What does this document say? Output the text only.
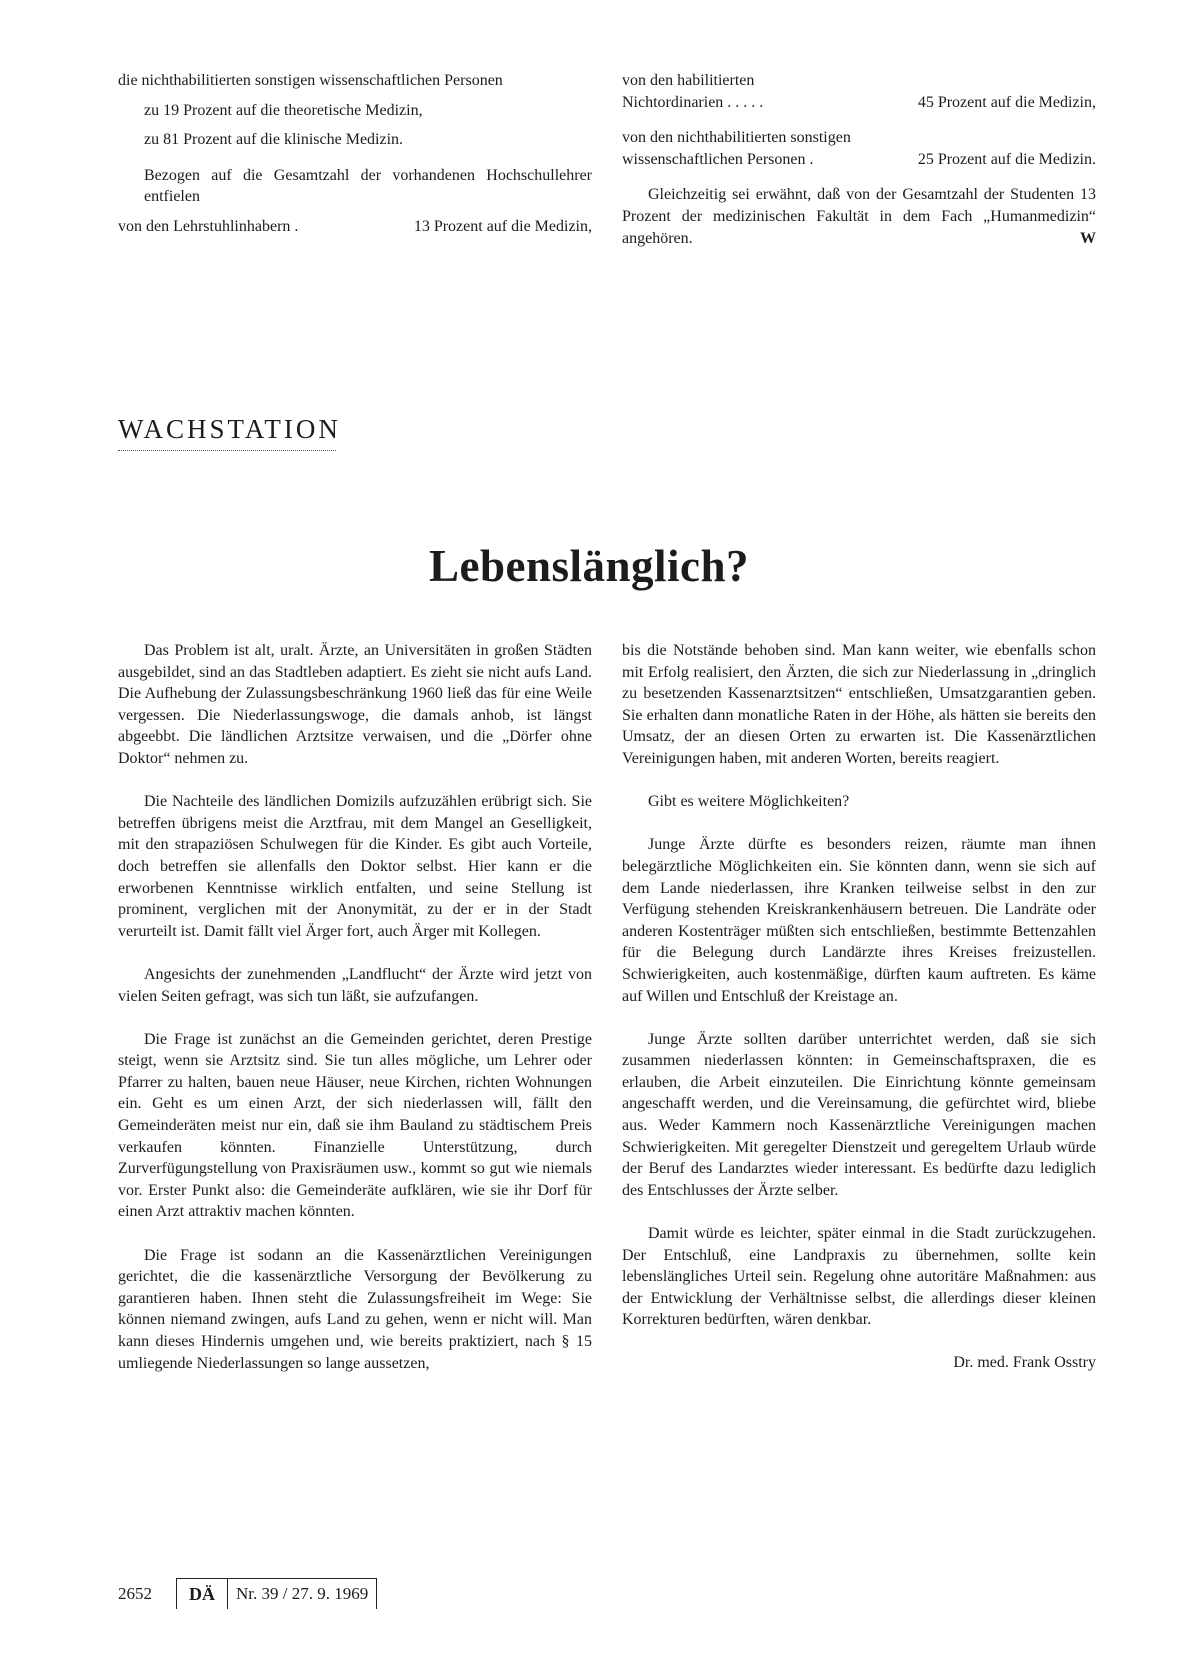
die nichthabilitierten sonstigen wissenschaftlichen Personen

zu 19 Prozent auf die theoretische Medizin,

zu 81 Prozent auf die klinische Medizin.

Bezogen auf die Gesamtzahl der vorhandenen Hochschullehrer entfielen

von den Lehrstuhlinhabern .	13 Prozent auf die Medizin,

von den habilitierten

Nichtordinarien . . . . .	45 Prozent auf die Medizin,

von den nichthabilitierten sonstigen

wissenschaftlichen Personen .	25 Prozent auf die Medizin.

Gleichzeitig sei erwähnt, daß von der Gesamtzahl der Studenten 13 Prozent der medizinischen Fakultät in dem Fach „Humanmedizin“ angehören.	W

WACHSTATION
Lebenslänglich?

Das Problem ist alt, uralt. Ärzte, an Universitäten in großen Städten ausgebildet, sind an das Stadtleben adaptiert. Es zieht sie nicht aufs Land. Die Aufhebung der Zulassungsbeschränkung 1960 ließ das für eine Weile vergessen. Die Niederlassungswoge, die damals anhob, ist längst abgeebbt. Die ländlichen Arztsitze verwaisen, und die „Dörfer ohne Doktor“ nehmen zu.

Die Nachteile des ländlichen Domizils aufzuzählen erübrigt sich. Sie betreffen übrigens meist die Arztfrau, mit dem Mangel an Geselligkeit, mit den strapaziösen Schulwegen für die Kinder. Es gibt auch Vorteile, doch betreffen sie allenfalls den Doktor selbst. Hier kann er die erworbenen Kenntnisse wirklich entfalten, und seine Stellung ist prominent, verglichen mit der Anonymität, zu der er in der Stadt verurteilt ist. Damit fällt viel Ärger fort, auch Ärger mit Kollegen.

Angesichts der zunehmenden „Landflucht“ der Ärzte wird jetzt von vielen Seiten gefragt, was sich tun läßt, sie aufzufangen.

Die Frage ist zunächst an die Gemeinden gerichtet, deren Prestige steigt, wenn sie Arztsitz sind. Sie tun alles mögliche, um Lehrer oder Pfarrer zu halten, bauen neue Häuser, neue Kirchen, richten Wohnungen ein. Geht es um einen Arzt, der sich niederlassen will, fällt den Gemeinderäten meist nur ein, daß sie ihm Bauland zu städtischem Preis verkaufen könnten. Finanzielle Unterstützung, durch Zurverfügungstellung von Praxisräumen usw., kommt so gut wie niemals vor. Erster Punkt also: die Gemeinderäte aufklären, wie sie ihr Dorf für einen Arzt attraktiv machen könnten.

Die Frage ist sodann an die Kassenärztlichen Vereinigungen gerichtet, die die kassenärztliche Versorgung der Bevölkerung zu garantieren haben. Ihnen steht die Zulassungsfreiheit im Wege: Sie können niemand zwingen, aufs Land zu gehen, wenn er nicht will. Man kann dieses Hindernis umgehen und, wie bereits praktiziert, nach § 15 umliegende Niederlassungen so lange aussetzen,

bis die Notstände behoben sind. Man kann weiter, wie ebenfalls schon mit Erfolg realisiert, den Ärzten, die sich zur Niederlassung in „dringlich zu besetzenden Kassenarztsitzen“ entschließen, Umsatzgarantien geben. Sie erhalten dann monatliche Raten in der Höhe, als hätten sie bereits den Umsatz, der an diesen Orten zu erwarten ist. Die Kassenärztlichen Vereinigungen haben, mit anderen Worten, bereits reagiert.

Gibt es weitere Möglichkeiten?

Junge Ärzte dürfte es besonders reizen, räumte man ihnen belegärztliche Möglichkeiten ein. Sie könnten dann, wenn sie sich auf dem Lande niederlassen, ihre Kranken teilweise selbst in den zur Verfügung stehenden Kreiskrankenhäusern betreuen. Die Landräte oder anderen Kostenträger müßten sich entschließen, bestimmte Bettenzahlen für die Belegung durch Landärzte ihres Kreises freizustellen. Schwierigkeiten, auch kostenmäßige, dürften kaum auftreten. Es käme auf Willen und Entschluß der Kreistage an.

Junge Ärzte sollten darüber unterrichtet werden, daß sie sich zusammen niederlassen könnten: in Gemeinschaftspraxen, die es erlauben, die Arbeit einzuteilen. Die Einrichtung könnte gemeinsam angeschafft werden, und die Vereinsamung, die gefürchtet wird, bliebe aus. Weder Kammern noch Kassenärztliche Vereinigungen machen Schwierigkeiten. Mit geregelter Dienstzeit und geregeltem Urlaub würde der Beruf des Landarztes wieder interessant. Es bedürfte dazu lediglich des Entschlusses der Ärzte selber.

Damit würde es leichter, später einmal in die Stadt zurückzugehen. Der Entschluß, eine Landpraxis zu übernehmen, sollte kein lebenslängliches Urteil sein. Regelung ohne autoritäre Maßnahmen: aus der Entwicklung der Verhältnisse selbst, die allerdings dieser kleinen Korrekturen bedürften, wären denkbar.

Dr. med. Frank Osstry

2652	DÄ	Nr. 39 / 27. 9. 1969
